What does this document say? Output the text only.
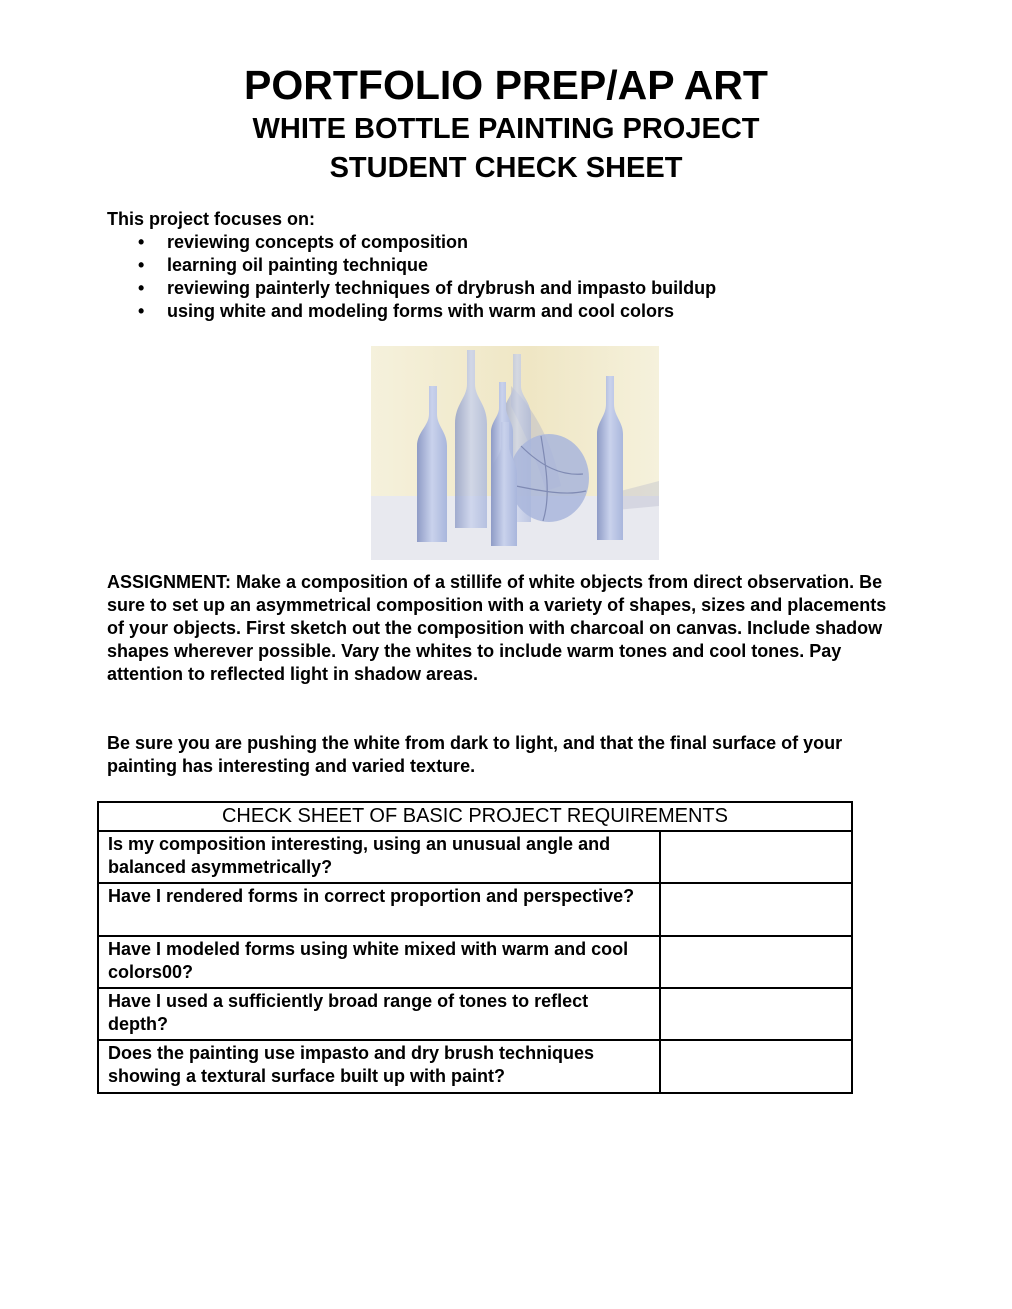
PORTFOLIO PREP/AP ART
WHITE BOTTLE PAINTING PROJECT
STUDENT CHECK SHEET

This project focuses on:

• reviewing concepts of composition
• learning oil painting technique
• reviewing painterly techniques of drybrush and impasto buildup
• using white and modeling forms with warm and cool colors

ASSIGNMENT: Make a composition of a stillife of white objects from direct observation. Be sure to set up an asymmetrical composition with a variety of shapes, sizes and placements of your objects. First sketch out the composition with charcoal on canvas. Include shadow shapes wherever possible. Vary the whites to include warm tones and cool tones. Pay attention to reflected light in shadow areas.

Be sure you are pushing the white from dark to light, and that the final surface of your painting has interesting and varied texture.

CHECK SHEET OF BASIC PROJECT REQUIREMENTS	
Is my composition interesting, using an unusual angle and balanced asymmetrically?	
Have I rendered forms in correct proportion and perspective?	
Have I modeled forms using white mixed with warm and cool colors00?	
Have I used a sufficiently broad range of tones to reflect depth?	
Does the painting use impasto and dry brush techniques showing a textural surface built up with paint?	
